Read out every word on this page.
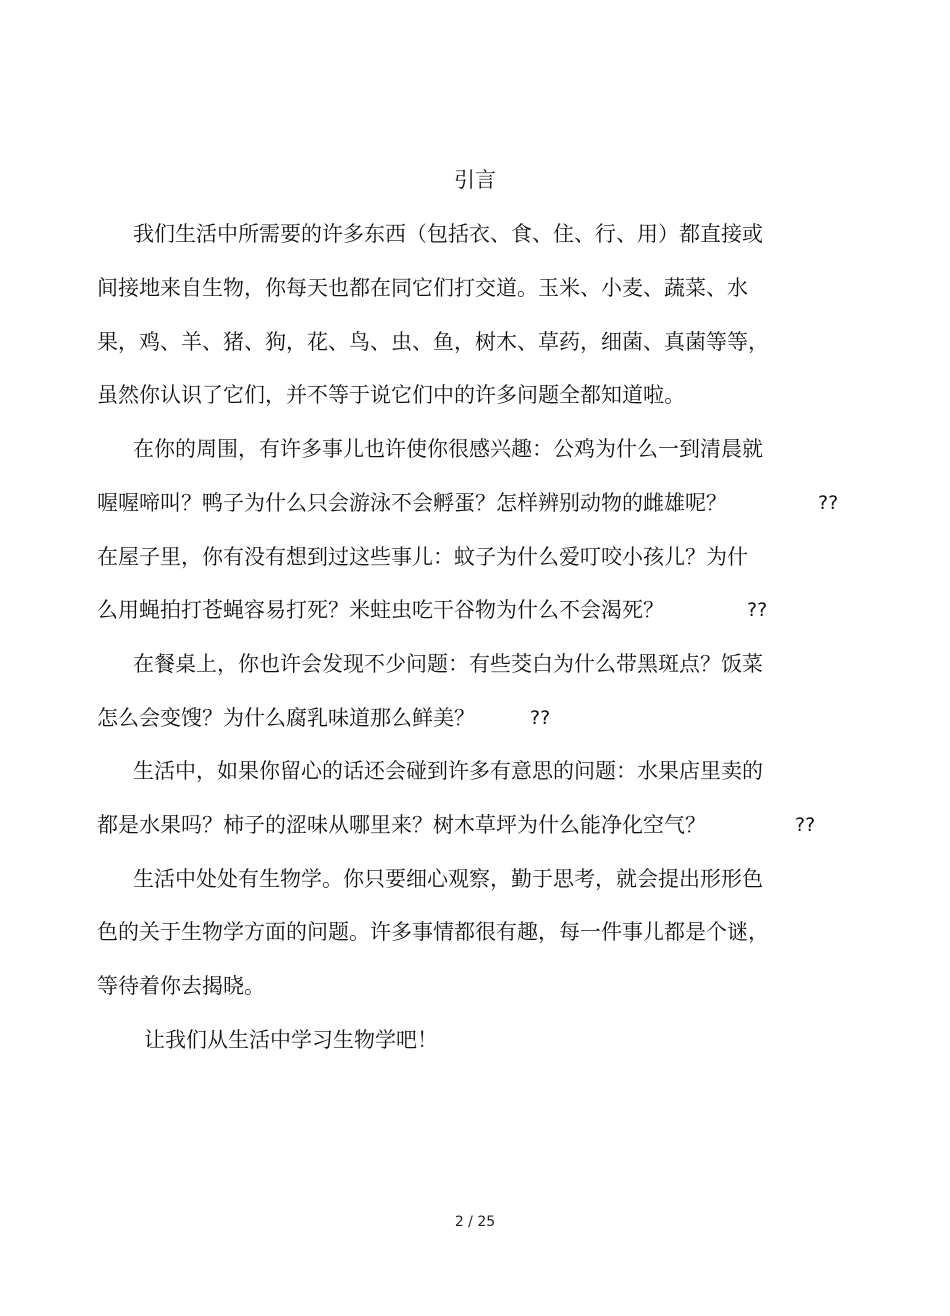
引言
我们生活中所需要的许多东西（包括衣、食、住、行、用）都直接或
间接地来自生物，你每天也都在同它们打交道。玉米、小麦、蔬菜、水
果，鸡、羊、猪、狗，花、鸟、虫、鱼，树木、草药，细菌、真菌等等，
虽然你认识了它们，并不等于说它们中的许多问题全都知道啦。
在你的周围，有许多事儿也许使你很感兴趣：公鸡为什么一到清晨就
喔喔啼叫？鸭子为什么只会游泳不会孵蛋？怎样辨别动物的雌雄呢？	??
在屋子里，你有没有想到过这些事儿：蚊子为什么爱叮咬小孩儿？为什
么用蝇拍打苍蝇容易打死？米蛀虫吃干谷物为什么不会渴死？	??
在餐桌上，你也许会发现不少问题：有些茭白为什么带黑斑点？饭菜
怎么会变馊？为什么腐乳味道那么鲜美？	??
生活中，如果你留心的话还会碰到许多有意思的问题：水果店里卖的
都是水果吗？柿子的涩味从哪里来？树木草坪为什么能净化空气？	??
生活中处处有生物学。你只要细心观察，勤于思考，就会提出形形色
色的关于生物学方面的问题。许多事情都很有趣，每一件事儿都是个谜，
等待着你去揭晓。
让我们从生活中学习生物学吧！
2 / 25
